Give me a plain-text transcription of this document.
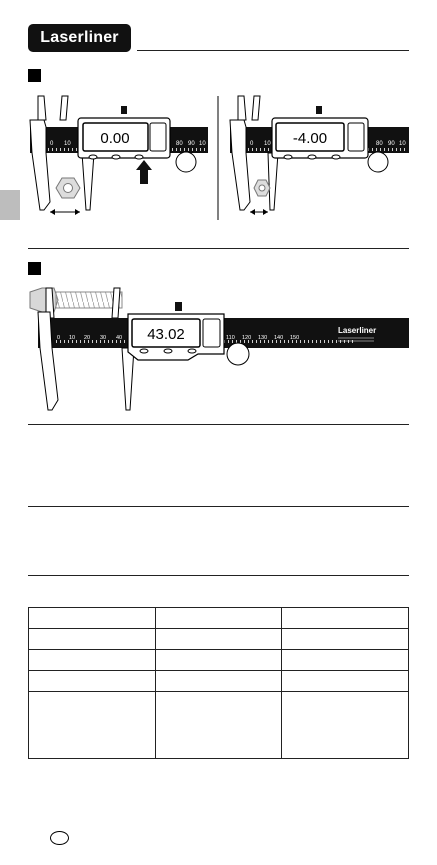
Laserliner
0 10	80 90 10
0.00	0 10	80 90 10
-4.00
0 10 20 30 40	110 120 130 140 150
Laserliner
43.02
